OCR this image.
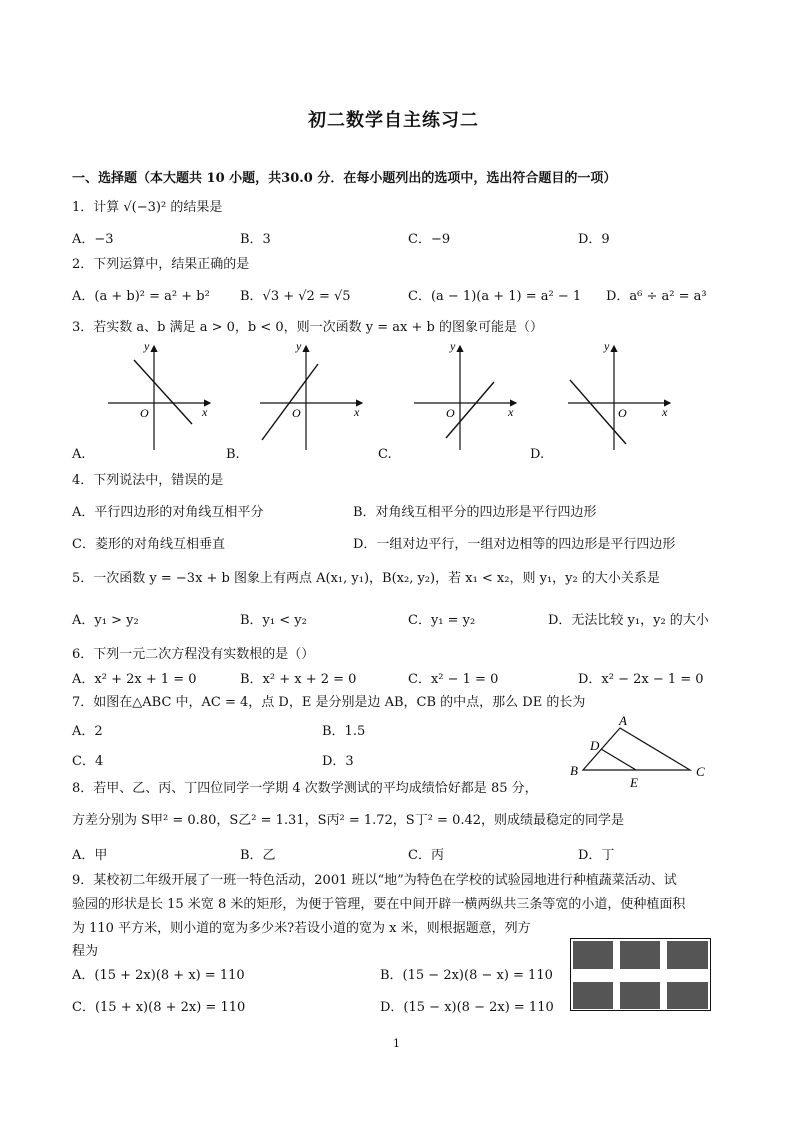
初二数学自主练习二
一、选择题（本大题共 10 小题，共30.0 分．在每小题列出的选项中，选出符合题目的一项）
1．计算 √(−3)² 的结果是
A．−3	B．3	C．−9	D．9
2．下列运算中，结果正确的是
A．(a + b)² = a² + b² B．√3 + √2 = √5	C．(a − 1)(a + 1) = a² − 1 D．a⁶ ÷ a² = a³
3．若实数 a、b 满足 a > 0，b < 0，则一次函数 y = ax + b 的图象可能是（）
y
x
O
y
x
O
y
x
O
y
x
O
A.	B.	C.	D.
4．下列说法中，错误的是
A．平行四边形的对角线互相平分	B．对角线互相平分的四边形是平行四边形
C．菱形的对角线互相垂直	D．一组对边平行，一组对边相等的四边形是平行四边形
5．一次函数 y = −3x + b 图象上有两点 A(x₁, y₁)，B(x₂, y₂)，若 x₁ < x₂，则 y₁，y₂ 的大小关系是
A．y₁ > y₂	B．y₁ < y₂	C．y₁ = y₂	D．无法比较 y₁，y₂ 的大小
6．下列一元二次方程没有实数根的是（）
A．x² + 2x + 1 = 0	B．x² + x + 2 = 0	C．x² − 1 = 0	D．x² − 2x − 1 = 0
7．如图在△ABC 中，AC = 4，点 D，E 是分别是边 AB，CB 的中点，那么 DE 的长为
A．2	B．1.5
C．4	D．3
A
B	C
D
E
8．若甲、乙、丙、丁四位同学一学期 4 次数学测试的平均成绩恰好都是 85 分，
方差分别为 S甲² = 0.80，S乙² = 1.31，S丙² = 1.72，S丁² = 0.42，则成绩最稳定的同学是
A．甲	B．乙	C．丙	D．丁
9．某校初二年级开展了一班一特色活动，2001 班以“地”为特色在学校的试验园地进行种植蔬菜活动、试
验园的形状是长 15 米宽 8 米的矩形，为便于管理，要在中间开辟一横两纵共三条等宽的小道，使种植面积
为 110 平方米，则小道的宽为多少米?若设小道的宽为 x 米，则根据题意，列方
程为
A．(15 + 2x)(8 + x) = 110	B．(15 − 2x)(8 − x) = 110
C．(15 + x)(8 + 2x) = 110	D．(15 − x)(8 − 2x) = 110
1
